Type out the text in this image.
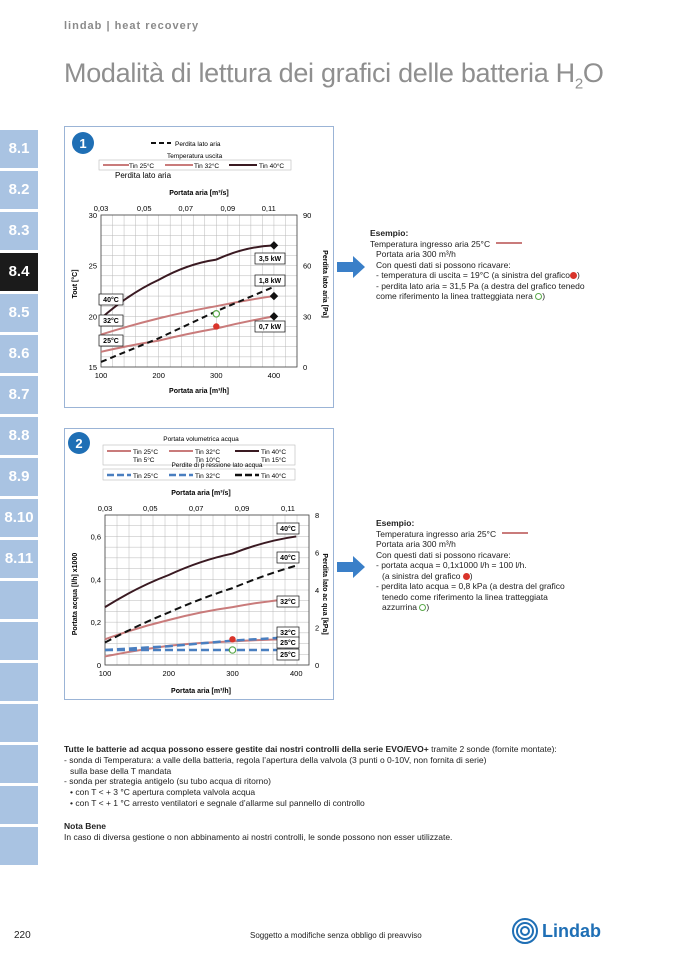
lindab | heat recovery
Modalità di lettura dei grafici delle batteria $H_2O$
8.1
8.2
8.3
8.4
8.5
8.6
8.7
8.8
8.9
8.10
8.11
1	Perdita lato aria
Temperatura uscita
Tin 25°C	Tin 32°C	Tin 40°C
Perdita lato aria
Portata aria [m³/s]
100	200	300	400
0,03	0,05	0,07	0,09	0,11
30
25
20
15
90
60
30
0
Tout [°C]	Perdita lato aria [Pa]
Portata aria [m³/h]
3,5 kW
1,8 kW
0,7 kW
40°C
32°C
25°C
Esempio:
Temperatura ingresso aria 25°C
Portata aria 300 m³/h
Con questi dati si possono ricavare:
- temperatura di uscita = 19°C (a sinistra del grafico )
- perdita lato aria = 31,5 Pa (a destra del grafico tenedo
come riferimento la linea tratteggiata nera )
2	Portata volumetrica acqua
Tin 25°C	Tin 32°C	Tin 40°C
Tin 5°C	Tin 10°C	Tin 15°C
Perdite di p ressione lato acqua
Tin 25°C	Tin 32°C	Tin 40°C
Portata aria [m³/s]
100	200	300	400
0,03	0,05	0,07	0,09	0,11
0,6
0,4
0,2
0
8
6
4
2
0
Portata acqua [l/h] x1000	Perdita lato ac qua [kPa]
Portata aria [m³/h]
40°C
40°C
32°C
32°C
25°C
25°C
Esempio:
Temperatura ingresso aria 25°C
Portata aria 300 m³/h
Con questi dati si possono ricavare:
- portata acqua = 0,1x1000 l/h = 100 l/h.
(a sinistra del grafico )
- perdita lato acqua = 0,8 kPa (a destra del grafico
tenedo come riferimento la linea tratteggiata
azzurrina )
Tutte le batterie ad acqua possono essere gestite dai nostri controlli della serie EVO/EVO+ tramite 2 sonde (fornite montate):
- sonda di Temperatura: a valle della batteria, regola l’apertura della valvola (3 punti o 0-10V, non fornita di serie)
sulla base della T mandata
- sonda per strategia antigelo (su tubo acqua di ritorno)
• con T < + 3 °C apertura completa valvola acqua
• con T < + 1 °C arresto ventilatori e segnale d’allarme sul pannello di controllo
Nota Bene
In caso di diversa gestione o non abbinamento ai nostri controlli, le sonde possono non esser utilizzate.
220	Soggetto a modifiche senza obbligo di preavviso	Lindab
